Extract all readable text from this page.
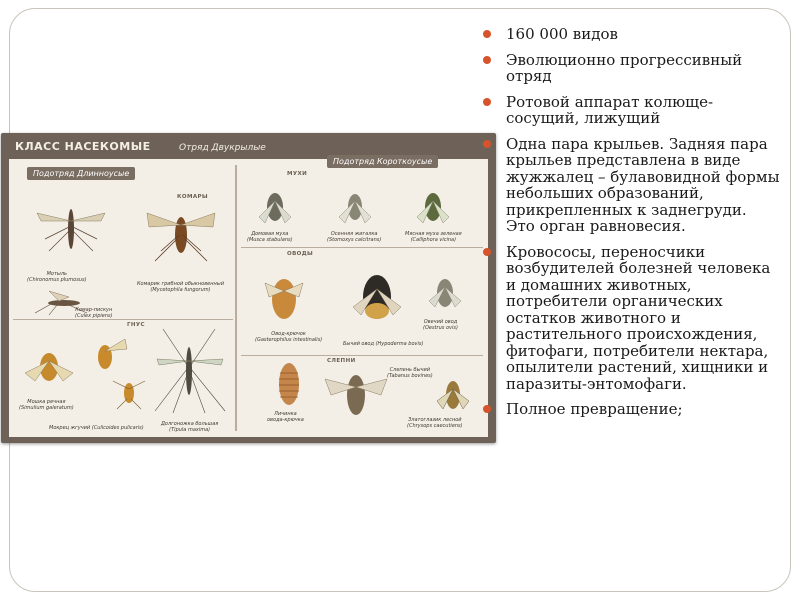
КЛАСС НАСЕКОМЫЕ	Отряд Двукрылые
Подотряд Длинноусые
Подотряд Короткоусые
КОМАРЫ
ГНУС
МУХИ
ОВОДЫ
СЛЕПНИ
Мотыль
(Chironomus plumosus)
Комарик грибной обыкновенный
(Mycetophila fungorum)
Комар-пискун
(Culex pipiens)
Мошка речная
(Simulium galeratum)
Мокрец жгучий (Culicoides pulicaris)
Долгоножка большая
(Tipula maxima)
Домовая муха
(Musca stabulans)
Осенняя жигалка
(Stomoxys calcitrans)
Мясная муха зеленая
(Calliphora vicina)
Овод-крючок
(Gasterophilus intestinalis)
Бычий овод (Hypoderma bovis)
Овечий овод
(Oestrus ovis)
Личинка
овода-крючка
Слепень бычий
(Tabanus bovines)
Златоглазик лесной
(Chrysops caecutiens)
160 000 видов
Эволюционно прогрессивный отряд
Ротовой аппарат колюще-сосущий, лижущий
Одна пара крыльев. Задняя пара крыльев представлена в виде жужжалец – булавовидной формы небольших образований, прикрепленных к заднегруди. Это орган равновесия.
Кровососы, переносчики возбудителей болезней человека и домашних животных, потребители органических остатков животного и растительного происхождения, фитофаги, потребители нектара, опылители растений, хищники и паразиты-энтомофаги.
Полное превращение;
